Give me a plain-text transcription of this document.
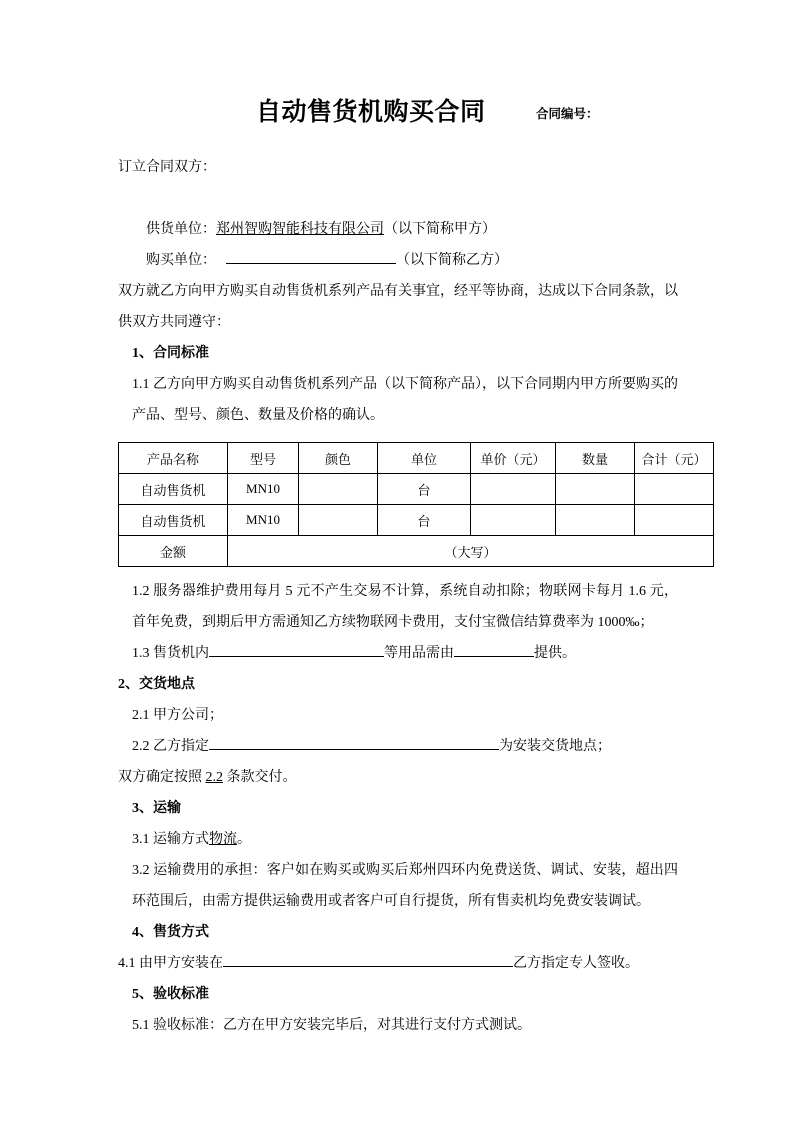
自动售货机购买合同	合同编号：

订立合同双方：

供货单位：郑州智购智能科技有限公司（以下简称甲方）

购买单位：	（以下简称乙方）

双方就乙方向甲方购买自动售货机系列产品有关事宜，经平等协商，达成以下合同条款，以供双方共同遵守：

1、合同标准

1.1 乙方向甲方购买自动售货机系列产品（以下简称产品），以下合同期内甲方所要购买的产品、型号、颜色、数量及价格的确认。

产品名称	型号	颜色	单位	单价（元）	数量	合计（元）
自动售货机	MN10		台			
自动售货机	MN10		台			
金额	（大写）					

1.2 服务器维护费用每月 5 元不产生交易不计算，系统自动扣除；物联网卡每月 1.6 元，首年免费，到期后甲方需通知乙方续物联网卡费用，支付宝微信结算费率为 1000‰；

1.3 售货机内	等用品需由	提供。

2、交货地点

2.1 甲方公司；

2.2 乙方指定	为安装交货地点；

双方确定按照 2.2 条款交付。

3、运输

3.1 运输方式物流。

3.2 运输费用的承担：客户如在购买或购买后郑州四环内免费送货、调试、安装，超出四环范围后，由需方提供运输费用或者客户可自行提货，所有售卖机均免费安装调试。

4、售货方式

4.1 由甲方安装在	乙方指定专人签收。

5、验收标准

5.1 验收标准：乙方在甲方安装完毕后，对其进行支付方式测试。
